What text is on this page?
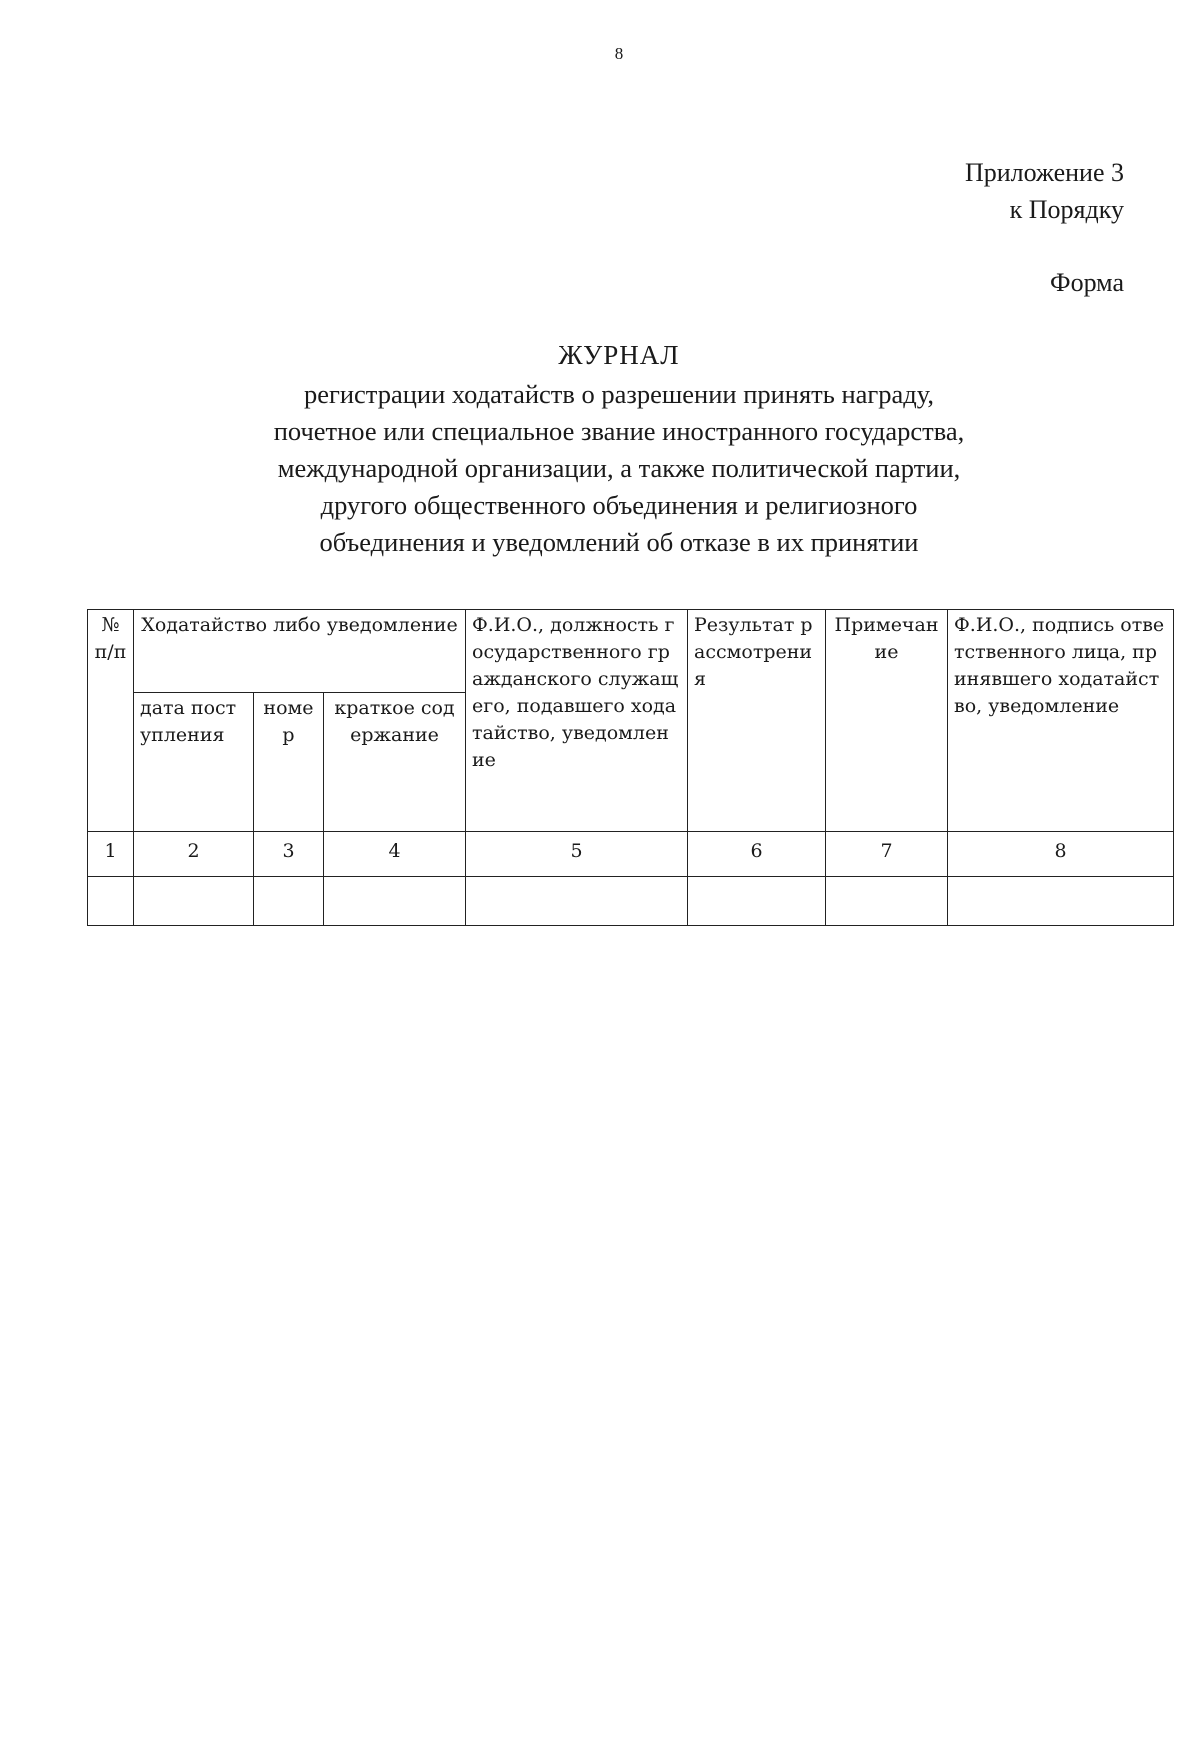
8
Приложение 3
к Порядку
Форма
ЖУРНАЛ
регистрации ходатайств о разрешении принять награду,
почетное или специальное звание иностранного государства,
международной организации, а также политической партии,
другого общественного объединения и религиозного
объединения и уведомлений об отказе в их принятии
№ п/п	Ходатайство либо уведомление			Ф.И.О., должность государственного гражданского служащего, подавшего ходатайство, уведомление	Результат рассмотрения	Примечание	Ф.И.О., подпись ответственного лица, принявшего ходатайство, уведомление
	дата поступления	номер	краткое содержание				
1	2	3	4	5	6	7	8
